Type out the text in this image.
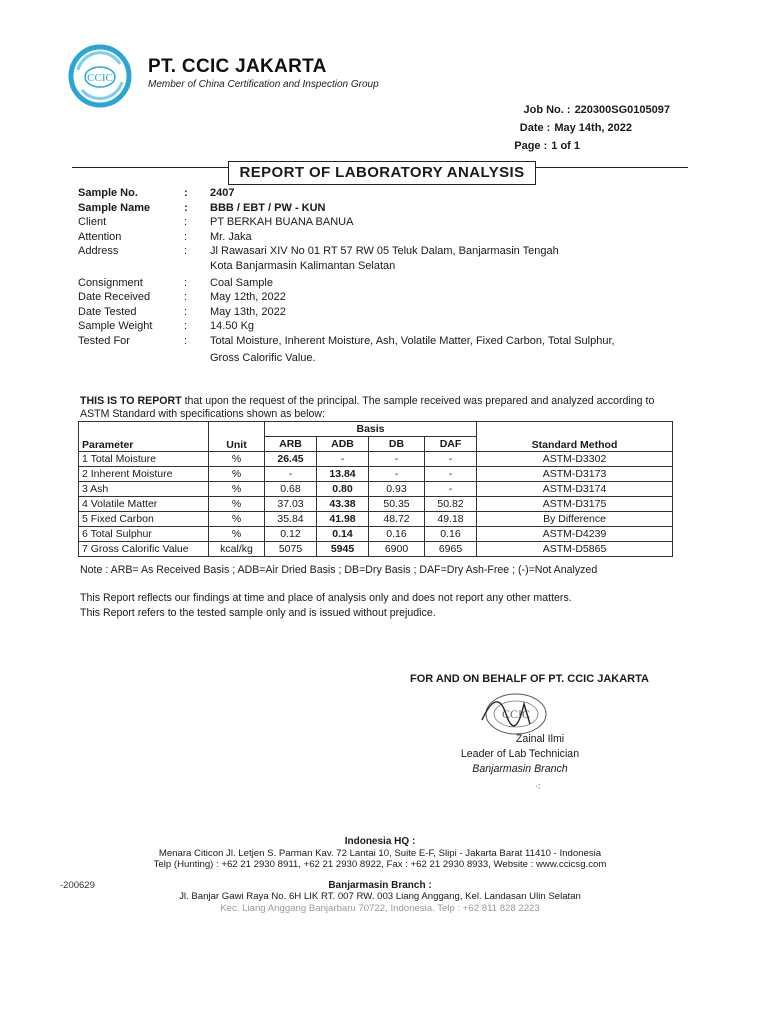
CCIC
PT. CCIC JAKARTA
Member of China Certification and Inspection Group
Job No. : 220300SG0105097
Date : May 14th, 2022
Page : 1 of 1
REPORT OF LABORATORY ANALYSIS
Sample No.	:	2407
Sample Name	:	BBB / EBT / PW - KUN
Client	:	PT BERKAH BUANA BANUA
Attention	:	Mr. Jaka
Address	:	Jl Rawasari XIV No 01 RT 57 RW 05 Teluk Dalam, Banjarmasin Tengah
Kota Banjarmasin Kalimantan Selatan
Consignment	:	Coal Sample
Date Received	:	May 12th, 2022
Date Tested	:	May 13th, 2022
Sample Weight	:	14.50 Kg
Tested For	:	Total Moisture, Inherent Moisture, Ash, Volatile Matter, Fixed Carbon, Total Sulphur,
Gross Calorific Value.
THIS IS TO REPORT that upon the request of the principal. The sample received was prepared and analyzed according to ASTM Standard with specifications shown as below:
Parameter	Unit	Basis				Standard Method
		ARB	ADB	DB	DAF	
1 Total Moisture	%	26.45	-	-	-	ASTM-D3302
2 Inherent Moisture	%	-	13.84	-	-	ASTM-D3173
3 Ash	%	0.68	0.80	0.93	-	ASTM-D3174
4 Volatile Matter	%	37.03	43.38	50.35	50.82	ASTM-D3175
5 Fixed Carbon	%	35.84	41.98	48.72	49.18	By Difference
6 Total Sulphur	%	0.12	0.14	0.16	0.16	ASTM-D4239
7 Gross Calorific Value	kcal/kg	5075	5945	6900	6965	ASTM-D5865
Note : ARB= As Received Basis ; ADB=Air Dried Basis ; DB=Dry Basis ; DAF=Dry Ash-Free ; (-)=Not Analyzed
This Report reflects our findings at time and place of analysis only and does not report any other matters.
This Report refers to the tested sample only and is issued without prejudice.
FOR AND ON BEHALF OF PT. CCIC JAKARTA
CCIC
Zainal Ilmi
Leader of Lab Technician
Banjarmasin Branch
⁖
Indonesia HQ :
Menara Citicon Jl. Letjen S. Parman Kav. 72 Lantai 10, Suite E-F, Slipi - Jakarta Barat 11410 - Indonesia
Telp (Hunting) : +62 21 2930 8911, +62 21 2930 8922, Fax : +62 21 2930 8933, Website : www.ccicsg.com
Banjarmasin Branch :
Jl. Banjar Gawi Raya No. 6H LIK RT. 007 RW. 003 Liang Anggang, Kel. Landasan Ulin Selatan
Kec. Liang Anggang Banjarbaru 70722, Indonesia. Telp : +62 811 828 2223
-200629
